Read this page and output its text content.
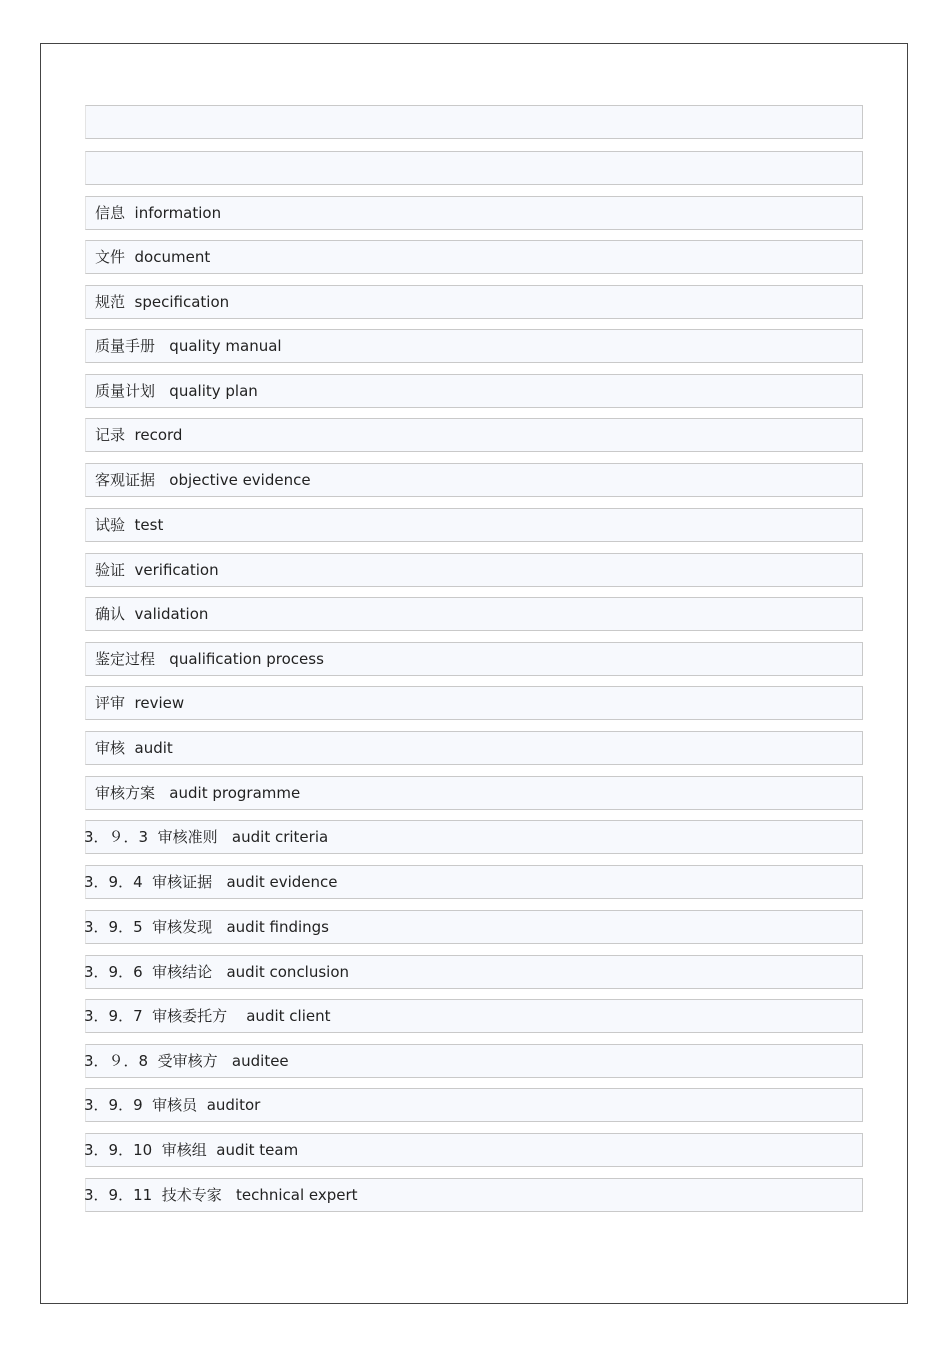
信息  information
文件  document
规范  specification
质量手册   quality manual
质量计划   quality plan
记录  record
客观证据   objective evidence
试验  test
验证  verification
确认  validation
鉴定过程   qualification process
评审  review
审核  audit
审核方案   audit programme
3．９．3  审核准则   audit criteria
3．9．4  审核证据   audit evidence
3．9．5  审核发现   audit findings
3．9．6  审核结论   audit conclusion
3．9．7  审核委托方    audit client
3．９．8  受审核方   auditee
3．9．9  审核员  auditor
3．9．10  审核组  audit team
3．9．11  技术专家   technical expert
